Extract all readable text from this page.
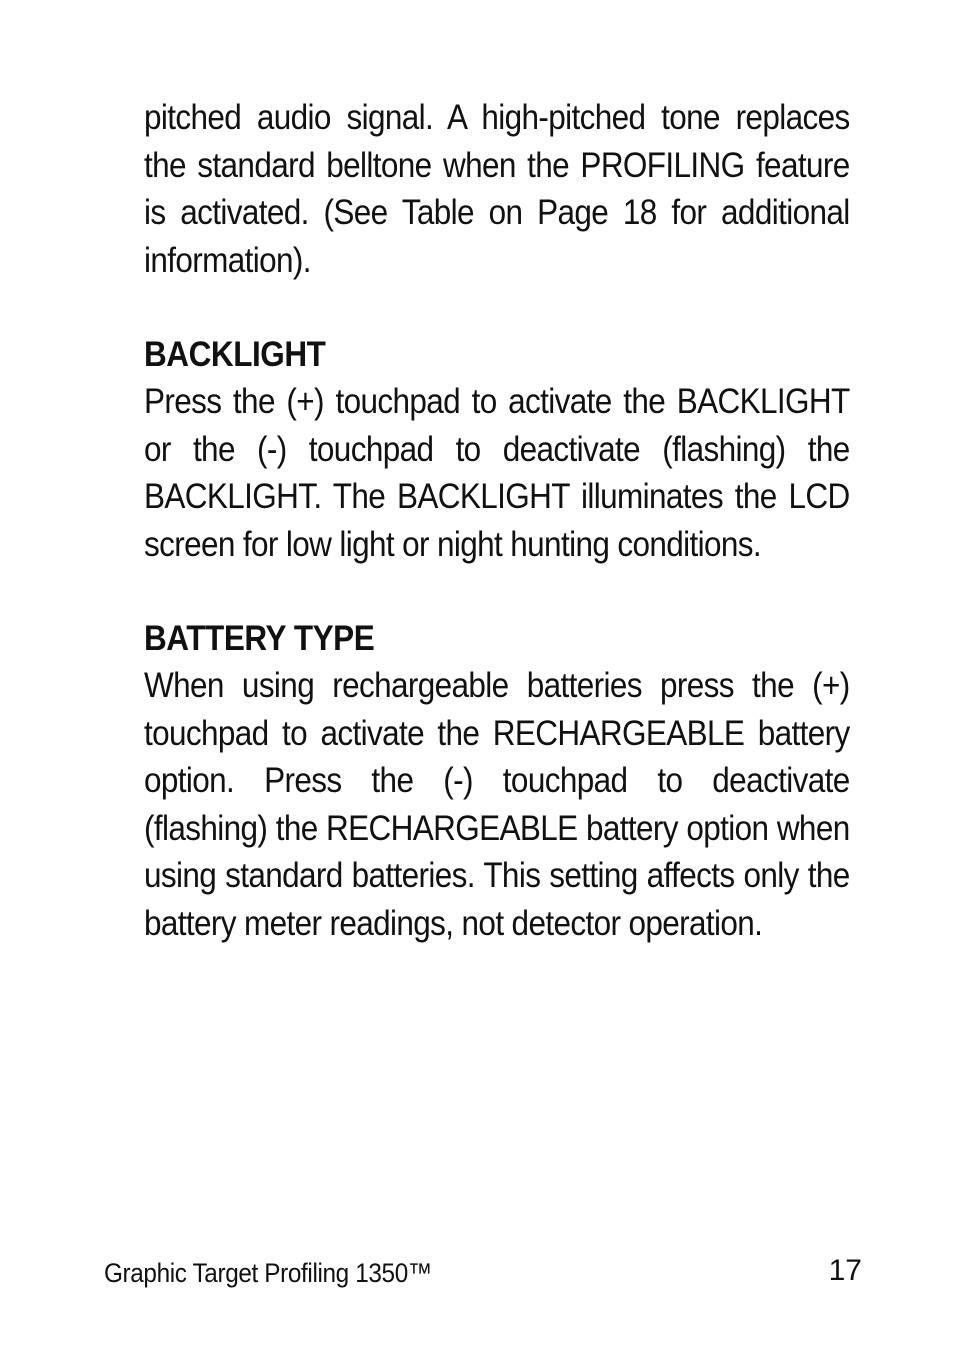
pitched audio signal. A high-pitched tone replaces the standard belltone when the PROFILING feature is activated. (See Table on Page 18 for additional information).

BACKLIGHT

Press the (+) touchpad to activate the BACKLIGHT or the (-) touchpad to deactivate (flashing) the BACKLIGHT. The BACKLIGHT illuminates the LCD screen for low light or night hunting conditions.

BATTERY TYPE

When using rechargeable batteries press the (+) touchpad to activate the RECHARGEABLE battery option. Press the (-) touchpad to deactivate (flashing) the RECHARGEABLE battery option when using standard batteries. This setting affects only the battery meter readings, not detector operation.

Graphic Target Profiling 1350™	17
